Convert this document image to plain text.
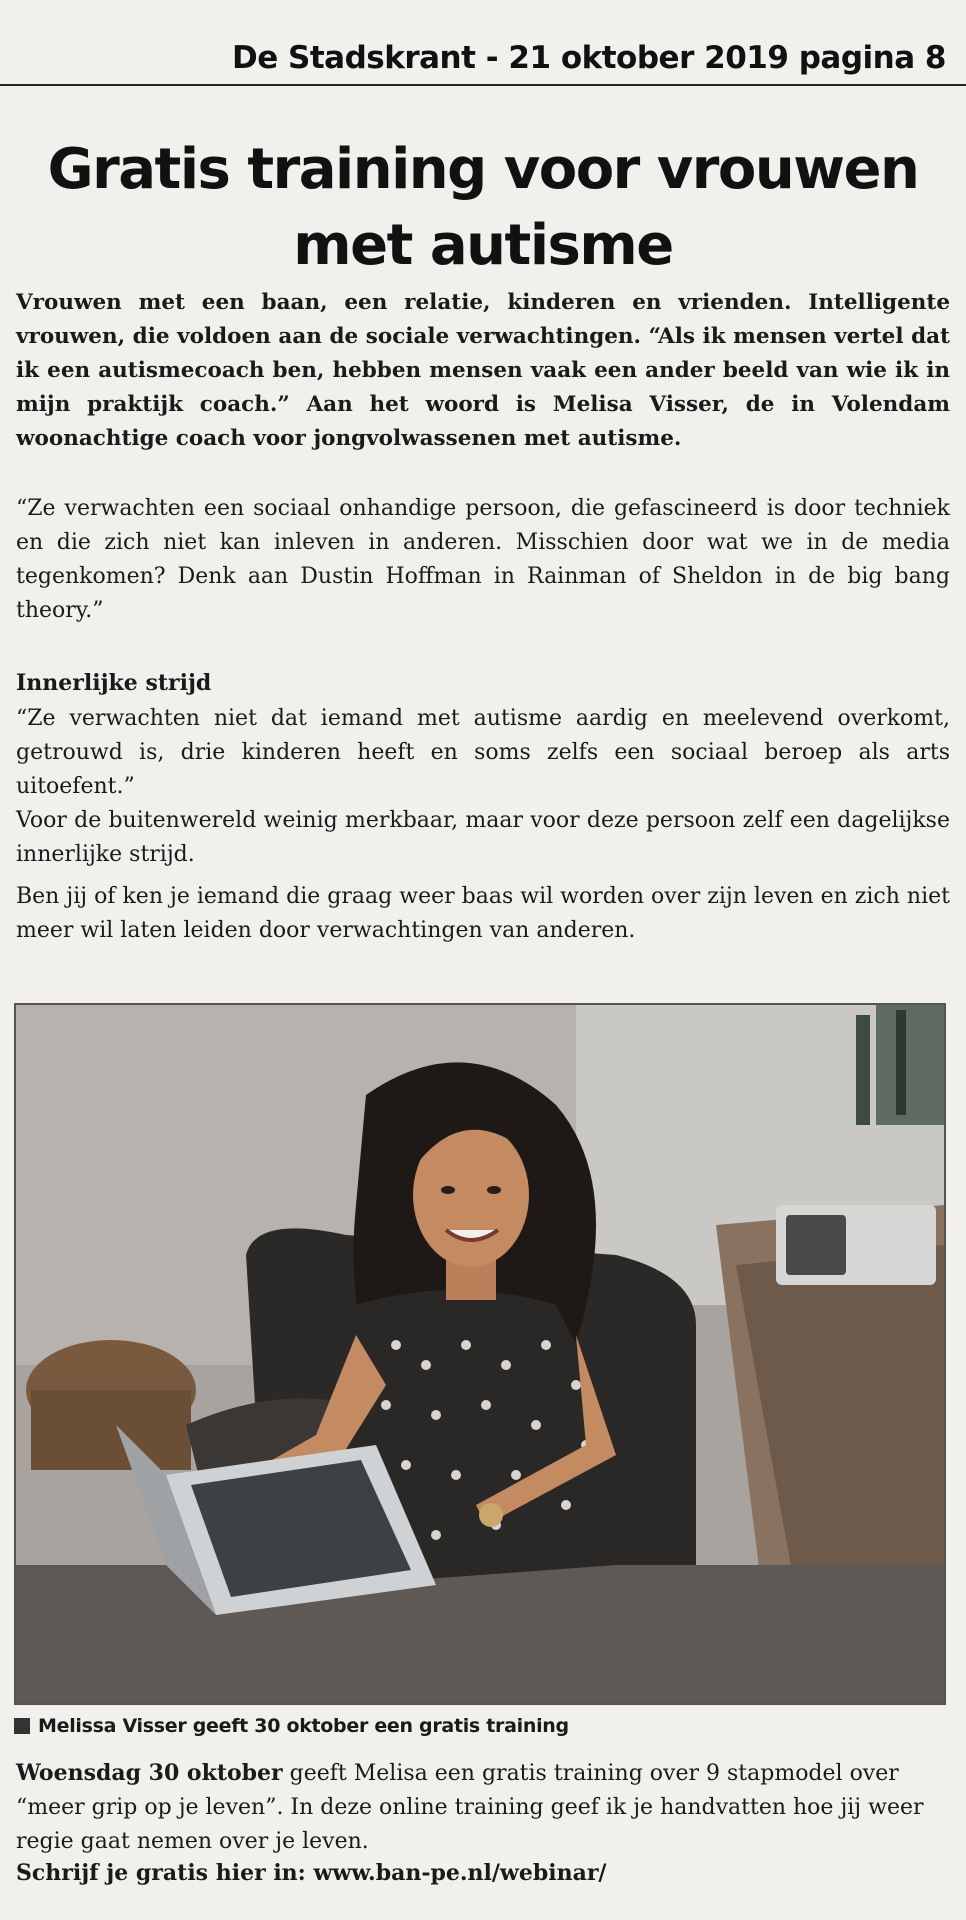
De Stadskrant - 21 oktober 2019 pagina 8
Gratis training voor vrouwen met autisme

Vrouwen met een baan, een relatie, kinderen en vrienden. Intelligente vrouwen, die voldoen aan de sociale verwachtingen. “Als ik mensen vertel dat ik een autismecoach ben, hebben mensen vaak een ander beeld van wie ik in mijn praktijk coach.” Aan het woord is Melisa Visser, de in Volendam woonachtige coach voor jongvolwassenen met autisme.

“Ze verwachten een sociaal onhandige persoon, die gefascineerd is door techniek en die zich niet kan inleven in anderen. Misschien door wat we in de media tegenkomen? Denk aan Dustin Hoffman in Rainman of Sheldon in de big bang theory.”

Innerlijke strijd

“Ze verwachten niet dat iemand met autisme aardig en meelevend overkomt, getrouwd is, drie kinderen heeft en soms zelfs een sociaal beroep als arts uitoefent.”

Voor de buitenwereld weinig merkbaar, maar voor deze persoon zelf een dagelijkse innerlijke strijd.

Ben jij of ken je iemand die graag weer baas wil worden over zijn leven en zich niet meer wil laten leiden door verwachtingen van anderen.

Melissa Visser geeft 30 oktober een gratis training

Woensdag 30 oktober geeft Melisa een gratis training over 9 stapmodel over “meer grip op je leven”. In deze online training geef ik je handvatten hoe jij weer regie gaat nemen over je leven.

Schrijf je gratis hier in: www.ban-pe.nl/webinar/
